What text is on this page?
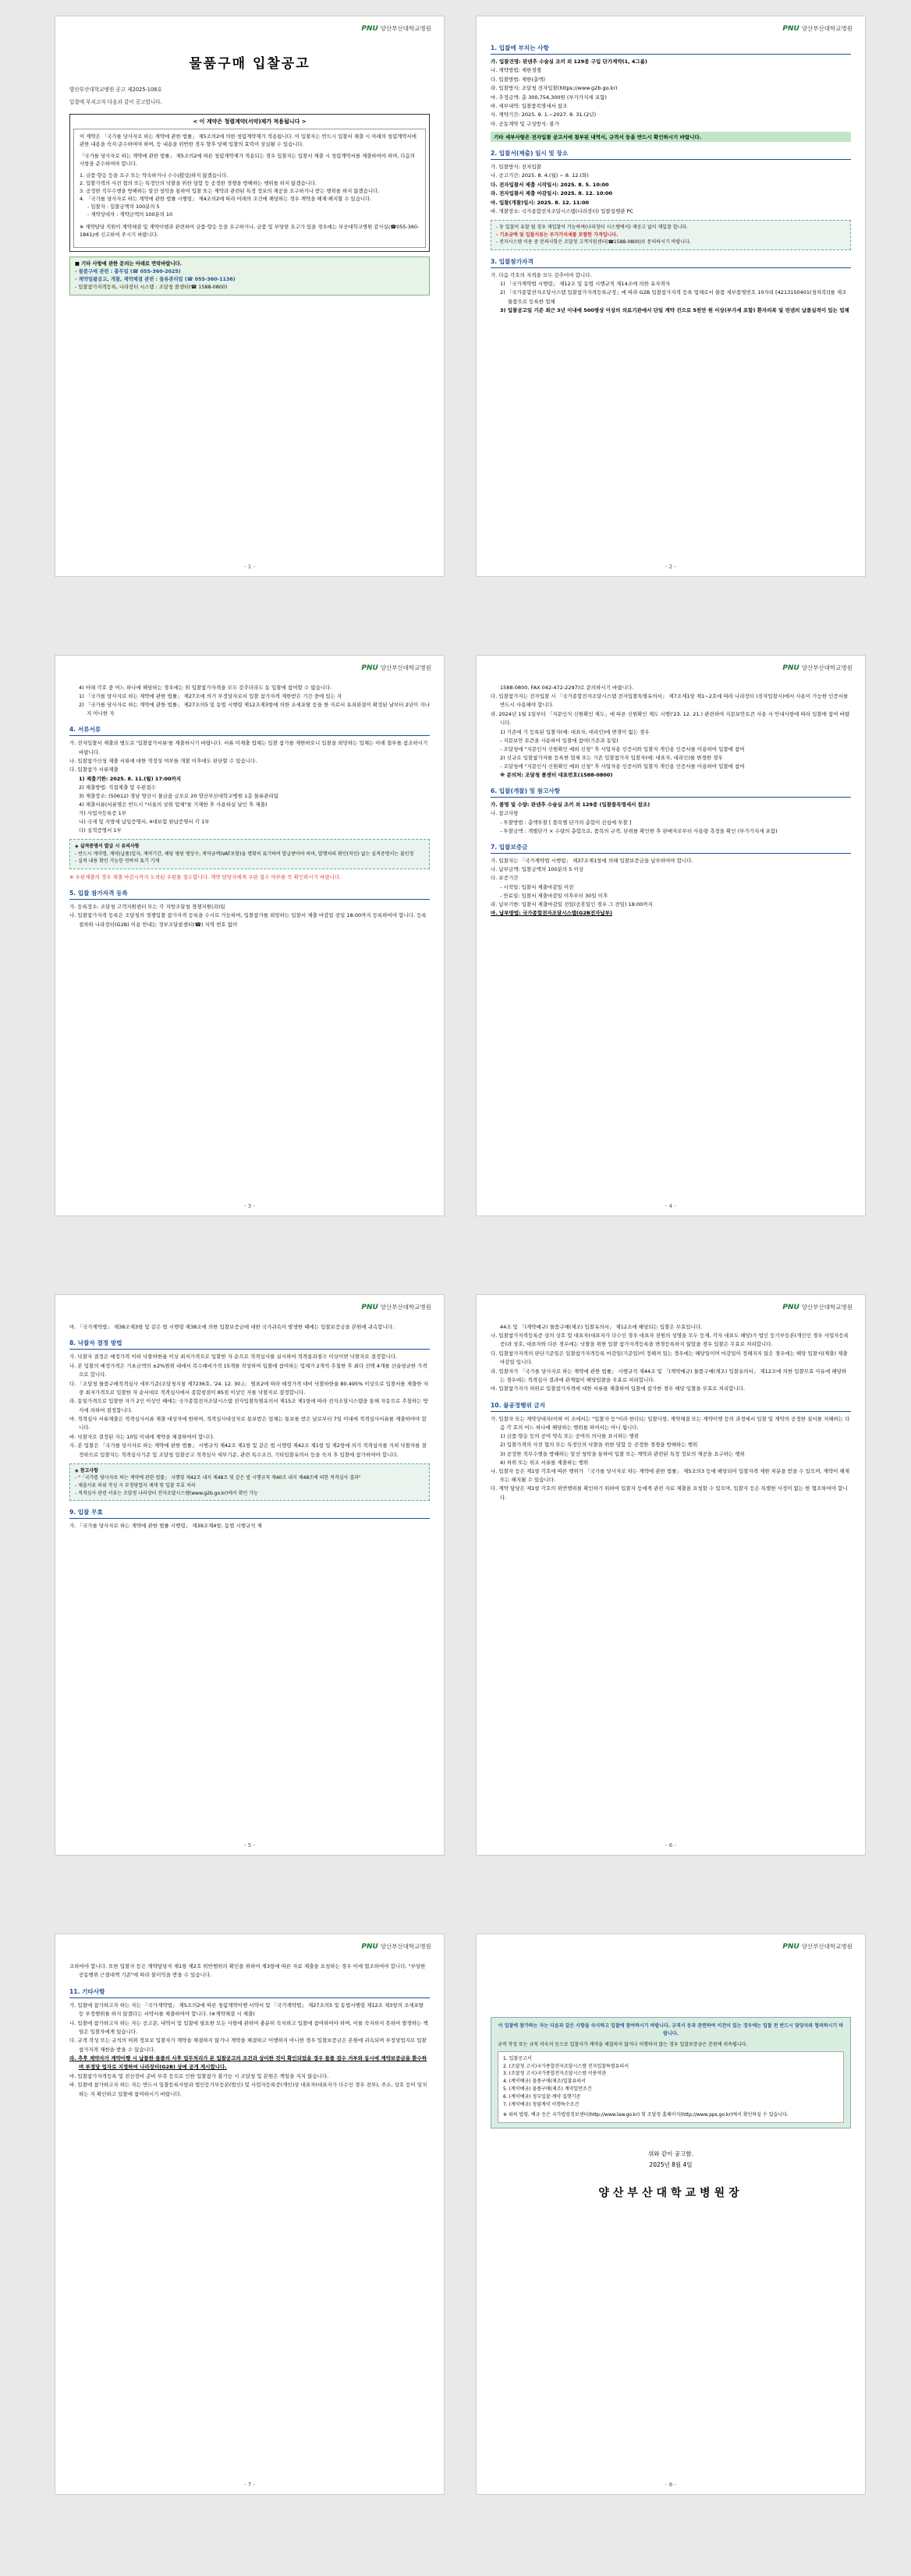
PNU 양산부산대학교병원
물품구매 입찰공고
양산부산대학교병원 공고 제2025-108호
입찰에 부치고자 다음과 같이 공고합니다.
< 이 계약은 청렴계약(서약)제가 적용됩니다 >

이 계약은 「국가를 당사자로 하는 계약에 관한 법률」 제5조의2에 의한 청렴계약제가 적용됩니다. 이 입찰자는 반드시 입찰서 제출 시 아래의 청렴계약서에 관한 내용을 숙지·준수하여야 하며, 등 내용을 위반한 경우 향후 당해 입찰의 효력이 상실될 수 있습니다.

「국가를 당사자로 하는 계약에 관한 법률」 제5조의2에 따른 청렴계약제가 적용되는 경우 입찰자는 입찰서 제출 시 청렴계약서를 제출하여야 하며, 다음의 사항을 준수하여야 합니다.

1. 금품·향응 등을 요구 또는 약속하거나 수수(授受)하지 않겠습니다.
2. 입찰가격의 사전 협의 또는 특정인의 낙찰을 위한 담합 등 공정한 경쟁을 방해하는 행위를 하지 않겠습니다.
3. 공정한 직무수행을 방해하는 알선·청탁을 통하여 입찰 또는 계약과 관련된 특정 정보의 제공을 요구하거나 받는 행위를 하지 않겠습니다.
4. 「국가를 당사자로 하는 계약에 관한 법률 시행령」 제4조의2에 따라 아래의 조건에 해당하는 경우 계약을 해제·해지할 수 있습니다.
- 입찰자 : 입찰금액의 100분의 5
- 계약상대자 : 계약금액의 100분의 10

※ 계약담당 직원이 계약체결 및 계약이행과 관련하여 금품·향응 등을 요구하거나, 금품 및 부당한 요구가 있을 경우에는 부산대학교병원 감사실(☎055-360-1841)에 신고하여 주시기 바랍니다.

■ 기타 사항에 관한 문의는 아래로 연락바랍니다.
- 물품구매 관련 : 총무팀 (☎ 055-360-2025)
- 계약일괄공고, 개찰, 계약체결 관련 : 물류관리팀 (☎ 055-360-1136)
- 입찰참가자격등록, 나라장터 시스템 : 조달청 콜센터(☎ 1588-0800)
- 1 -
PNU 양산부산대학교병원
1. 입찰에 부치는 사항
가. 입찰건명: 판넨추 수술실 조끼 외 129종 구입 단가계약(1, 4그룹)
나. 계약방법: 제한경쟁
다. 입찰방법: 제한(총액)
라. 입찰방식: 조달청 전자입찰(https://www.g2b.go.kr)
마. 추정금액: 총 300,754,300원 (부가가치세 포함)
바. 세부내역: 입찰품목명세서 참조
사. 계약기간: 2025. 9. 1.~2027. 8. 31.(2년)
아. 공동계약 및 구성방식: 불가
기타 세부사항은 전자입찰 공고서에 첨부된 내역서, 규격서 등을 반드시 확인하시기 바랍니다.
2. 입찰서(제출) 일시 및 장소
가. 입찰방식: 전자입찰
나. 공고기간: 2025. 8. 4.(월) ~ 8. 12.(화)
다. 전자입찰서 제출 시작일시: 2025. 8. 5. 10:00
라. 전자입찰서 제출 마감일시: 2025. 8. 12. 10:00
마. 입찰(개찰)일시: 2025. 8. 12. 11:00
바. 개찰장소: 국가종합전자조달시스템(나라장터) 입찰집행관 PC
- 동 입찰이 유찰 될 경우 재입찰이 가능하며(나라장터 시스템에서) 재공고 없이 재입찰 합니다.
- 기초금액 및 입찰서류는 부가가치세를 포함한 가격입니다.
- 전자시스템 이용 중 문의사항은 조달청 고객지원센터(☎1588-0800)로 문의하시기 바랍니다.
3. 입찰참가자격
가. 다음 각호의 자격을 모두 갖추어야 합니다.
1) 「국가계약법 시행령」 제12조 및 동법 시행규칙 제14조에 의한 유자격자
2) 「국가종합전자조달시스템 입찰참가자격등록규정」에 따라 G2B 입찰참가자격 등록 업체로서 물품 세부품명번호 10자리 [4213150401(청차복)]를 제조물품으로 등록한 업체
3) 입찰공고일 기준 최근 3년 이내에 500병상 이상의 의료기관에서 단일 계약 건으로 5천만 원 이상(부가세 포함) 환자의복 및 린넨의 납품실적이 있는 업체
- 2 -
PNU 양산부산대학교병원
4) 아래 각호 중 어느 하나에 해당하는 경우에는 위 입찰참가자격을 모두 갖추더라도 동 입찰에 참여할 수 없습니다.
1) 「국가를 당사자로 하는 계약에 관한 법률」 제27조에 의거 부정당자로서 입찰 참가자격 제한받은 기간 중에 있는 자
2) 「국가를 당사자로 하는 계약에 관한 법률」 제27조의5 및 동법 시행령 제12조제3항에 의한 조세포탈 등을 한 자로서 유죄판결이 확정된 날부터 2년이 지나지 아니한 자
4. 서류서류
가. 전자입찰서 제출과 별도로 '입찰참가서류'를 제출하시기 바랍니다. 서류 미제출 업체는 입찰 참가를 제한하오니 입찰을 희망하는 업체는 아래 첨부를 참조하시기 바랍니다.
나. 입찰참가신청 제출 서류에 대한 적정성 여부를 개찰 이후에도 판단할 수 있습니다.
다. 입찰참가 서류제출
1) 제출기한: 2025. 8. 11.(월) 17:00까지
2) 제출방법: 직접제출 및 우편접수
3) 제출장소: (50612) 경남 양산시 물금읍 금오로 20 양산부산대학교병원 1층 물류관리팀
4) 제출서류(서류명은 반드시 "서울의 상위 업체"를 기재한 후 사용하실 날인 후 제출)
가) 사업자등록증 1부
나) 국세 및 지방세 납입증명서, 4대보험 완납증명서 각 1부
다) 실적증명서 1부
◈ 실적증명서 발급 시 유의사항
- 반드시 계약명, 계약(납품)일자, 계약기간, 해당 병원 병상수, 계약금액(VAT포함)을 명확히 표기하여 발급받아야 하며, 발행처의 확인(직인) 없는 실적증명서는 불인정
- 실적 내용 확인 가능한 연락처 표기 기재
※ 우편제출의 경우 제출 마감시까지 도착된 우편물 접수합니다. 계약 담당자에게 우편 접수 여부를 꼭 확인하시기 바랍니다.
5. 입찰 참가자격 등록
가. 등록장소: 조달청 고객지원센터 또는 각 지방조달청 경쟁지원(과)팀
나. 입찰참가자격 등록은 조달청의 경쟁입찰 참가자격 등록을 수시로 가능하며, 입찰참가를 희망하는 입찰서 제출 마감일 전일 18:00까지 등록하여야 합니다. 등록절차와 나라장터(G2B) 이용 안내는 정부조달콜센터(☎) 지역 번호 없이
- 3 -
PNU 양산부산대학교병원
1588-0800, FAX 042-472-2297)로 문의하시기 바랍니다.
다. 입찰참가자는 전자입찰 시 「국가종합전자조달시스템 전자입찰특별유의서」 제7조제1항 제1~2호에 따라 나라장터 (전자입찰시)에서 사용이 가능한 인증서를 반드시 사용해야 합니다.
라. 2024년 1월 1일부터 「지문인식 신원확인 제도」에 따른 신원확인 제도 시행('23. 12. 21.) 관련하여 지문보안토큰 사용 시 안내사항에 따라 입찰에 참여 바랍니다.
1) 기존에 기 등록된 입찰자(예: 대표자, 대리인)에 변경이 없는 경우
- 지문보안 토큰을 사용하여 입찰에 참여(기존과 동일)
- 조달청에 "지문인식 신원확인 예외 신청" 후 사업자용 인증서와 입찰자 개인용 인증서를 이용하여 입찰에 참여
2) 신규로 입찰참가자를 등록한 업체 또는 기존 입찰참가자 입찰자(예: 대표자, 대리인)를 변경한 경우
- 조달청에 "지문인식 신원확인 예외 신청" 후 사업자용 인증서와 입찰자 개인용 인증서를 이용하여 입찰에 참여
※ 문의처: 조달청 콜센터 대표번호(1588-0800)
6. 입찰(개찰) 및 참고사항
가. 품명 및 수량: 판넨추 수술실 조끼 외 129종 (입찰품목명세서 참조)
나. 참고사항
- 투찰방법 : 총액투찰 [ 품목별 단가의 총합이 산심에 투찰 ]
- 투찰금액 : 개별단가 × 수량의 총합으로, 품목의 규격, 단위를 확인한 후 판매자로부터 사용량 측정을 확인 (부가가치세 포함)
7. 입찰보증금
가. 입찰자는 「국가계약법 시행령」 제37조제1항에 의해 입찰보증금을 납부하여야 합니다.
나. 납부금액: 입찰금액의 100분의 5 이상
다. 보증기간
- 시작일: 입찰서 제출마감일 이전
- 만료일: 입찰서 제출마감일 이후부터 30일 이후
라. 납부기한: 입찰서 제출마감일 전일(공휴일인 경우 그 전일) 18:00까지
마. 납부방법: 국가종합전자조달시스템(G2B전자납부)
- 4 -
PNU 양산부산대학교병원
마. 「국가계약법」 제38조제3항 및 같은 법 시행령 제38조에 의한 입찰보증금에 대한 국가귀속이 발생한 때에는 입찰보증금을 본원에 귀속합니다.
8. 낙찰자 결정 방법
가. 낙찰자 결정은 예정가격 이하 낙찰하한율 이상 최저가격으로 입찰한 자 순으로 적격심사를 실시하여 적격통과점수 이상이면 낙찰자로 결정합니다.
나. 본 입찰의 예정가격은 기초금액의 ±2%범위 내에서 복수예비가격 15개를 작성하여 입찰에 참여하는 업체가 2개씩 추첨한 후 최다 선택 4개를 산술평균한 가격으로 합니다.
다. 「조달청 물품구매적격심사 세부기준(조달청지침 제7236호, '24. 12. 30.)」 별표2에 따라 예정가격 대비 낙찰하한율 80.495% 이상으로 입찰서를 제출한 자 중 최저가격으로 입찰한 자 순서대로 적격심사에서 종합평점이 85점 이상인 자를 낙찰자로 결정합니다.
라. 동일가격으로 입찰한 자가 2인 이상인 때에는 국가종합전자조달시스템 전자입찰특별유의서 제15조 제1항에 따라 전자조달시스템을 통해 자동으로 추첨하는 방식에 의하여 결정합니다.
마. 적격심사 서류제출은 적격심사서류 제출 대상자에 한하며, 적격심사대상자로 통보받은 업체는 통보를 받은 날로부터 7일 이내에 적격심사서류를 제출하여야 합니다.
바. 낙찰자로 결정된 자는 10일 이내에 계약을 체결하여야 합니다.
사. 본 입찰은 「국가를 당사자로 하는 계약에 관한 법률」 시행규칙 제42조 제1항 및 같은 법 시행령 제42조 제1항 및 제2항에 의거 적격심사를 거쳐 낙찰자를 결정하므로 입찰자는 적격심사기준 및 조달청 입찰공고 적격심사 세부기준, 관련 특수조건, 기타입찰유의서 등을 숙지 후 입찰에 참가하여야 합니다.
◈ 참고사항
- "「국가를 당사자로 하는 계약에 관한 법률」 시행령 제42조 내지 제48조 및 같은 법 시행규칙 제40조 내지 제48조에 의한 적격심사 결과"
- 제출서류 허위 작성 시 부정당업자 제재 및 입찰 무효 처리
- 적격심사 관련 서류는 조달청 나라장터 전자조달시스템(www.g2b.go.kr)에서 확인 가능
9. 입찰 무효
가. 「국가를 당사자로 하는 계약에 관한 법률 시행령」 제39조제4항, 동법 시행규칙 제
- 5 -
PNU 양산부산대학교병원
44조 및 「(계약예규) 물품구매(제조) 입찰유의서」 제12조에 해당되는 입찰은 무효입니다.
나. 입찰참가자격등록증 상의 상호 및 대표자(대표자가 다수인 경우 대표자 전원의 성명을 모두 등재, 각자 대표도 해당)가 법인 등기부등본(개인인 경우 사업자등록증)과 상호, 대표자와 다른 경우에는 낙찰을 위한 입찰 참가자격등록을 변경등록하지 않았을 경우 입찰은 무효로 처리합니다.
다. 입찰참가자격의 판단기준일은 입찰참가자격등록 마감일(기준일)이 정해져 있는 경우에는 해당일이며 마감일이 정해지지 않은 경우에는 해당 입찰서(제출) 제출마감일 입니다.
라. 입찰자가 「국가를 당사자로 하는 계약에 관한 법률」 시행규칙 제44조 및 「(계약예규) 물품구매(제조) 입찰유의서」 제12조에 의한 입찰무효 사유에 해당하는 경우에는 적격심사 결과에 관계없이 해당입찰을 무효로 처리합니다.
마. 입찰참가자가 허위로 입찰참가자격에 대한 서류를 제출하여 입찰에 참가한 경우 해당 입찰을 무효로 처리합니다.
10. 물공정행위 금지
가. 입찰자 또는 계약상대자(이하 이 조에서는 "입찰자 등"이라 한다)는 입찰사항, 계약체결 또는 계약이행 등의 과정에서 입찰 및 계약의 공정한 질서를 저해하는 다음 각 호의 어느 하나에 해당하는 행위를 하여서는 아니 됩니다.
1) 금품·향응 등의 공여 약속 또는 공여의 의사를 표시하는 행위
2) 입찰가격의 사전 협의 또는 특정인의 낙찰을 위한 담합 등 공정한 경쟁을 방해하는 행위
3) 공정한 직무수행을 방해하는 알선·청탁을 통하여 입찰 또는 계약과 관련된 특정 정보의 제공을 요구하는 행위
4) 허위 또는 위조 서류를 제출하는 행위
나. 입찰자 등은 제1항 각호에 따른 행위가 「국가를 당사자로 하는 계약에 관한 법률」 제5조의3 등에 해당되어 입찰자격 제한 처분을 받을 수 있으며, 계약이 해제 또는 해지될 수 있습니다.
다. 계약 담당은 제1항 각호의 위반행위를 확인하기 위하여 입찰자 등에게 관련 자료 제출을 요청할 수 있으며, 입찰자 등은 특별한 사정이 없는 한 협조하여야 합니다.
- 6 -
PNU 양산부산대학교병원
조하여야 합니다. 또한 입찰자 등은 계약담당자 제1항 제2호 위반행위의 확인을 위하여 제3항에 따른 자료 제출을 요청하는 경우 이에 협조하여야 합니다. "부당한 공동행위 근절대책 기준"에 따라 불이익을 받을 수 있습니다.
11. 기타사항
가. 입찰에 참가하고자 하는 자는 「국가계약법」 제5조의2에 따른 청렴계약이행 서약서 및 「국가계약법」 제27조의5 및 동법시행령 제12조 제3항의 조세포탈 등 부정행위를 하지 않겠다는 서약서를 제출하여야 합니다. (※계약체결 시 제출)
나. 입찰에 참가하고자 하는 자는 공고문, 내역서 및 입찰에 필요한 모든 사항에 관하여 충분히 숙지하고 입찰에 참여하여야 하며, 이를 숙지하지 못하여 발생하는 책임은 입찰자에게 있습니다.
다. 규격 작성 또는 규칙의 허위 정보로 입찰자가 계약을 체결하지 않거나 계약을 체결하고 이행하지 아니한 경우 입찰보증금은 본원에 귀속되며 부정당업자로 입찰참가자격 제한을 받을 수 있습니다.
라. 추후 계약자가 계약이행 시 납품한 물품의 사후 업무처리가 본 입찰공고의 조건과 상이한 것이 확인되었을 경우 물품 검수 거부와 동시에 계약보증금을 환수하며 부정당 업자로 지정하여 나라장터(G2B) 상에 공개 게시합니다.
마. 입찰참가자격등록 및 전산장비 준비 부족 등으로 인한 입찰참가 불가능 시 조달청 및 본원은 책임을 지지 않습니다.
바. 입찰에 참가하고자 하는 자는 반드시 입찰등록사항과 법인등기부등본(법인) 및 사업자등록증(개인)상 대표자(대표자가 다수인 경우 전부), 주소, 상호 등이 일치하는 지 확인하고 입찰에 참여하시기 바랍니다.
- 7 -
PNU 양산부산대학교병원
이 입찰에 참가하는 자는 다음과 같은 사항을 숙지하고 입찰에 참여하시기 바랍니다. 규격서 등과 관련하여 이견이 있는 경우에는 입찰 전 반드시 담당자와 협의하시기 바랍니다.
규격 작성 또는 규칙 미숙지 등으로 입찰자가 계약을 체결하지 않거나 이행하지 않는 경우 입찰보증금은 본원에 귀속됩니다.
1. 입찰공고서
2. (조달청 고시)국가종합전자조달시스템 전자입찰특별유의서
3. (조달청 고시)국가종합전자조달시스템 이용약관
4. (계약예규) 물품구매(제조)입찰유의서
5. (계약예규) 물품구매(제조) 계약일반조건
6. (계약예규) 정부입찰·계약 집행기준
7. (계약예규) 청렴계약 이행특수조건
※ 위의 법령, 예규 등은 국가법령정보센터(http://www.law.go.kr) 및 조달청 홈페이지(http://www.pps.go.kr)에서 확인하실 수 있습니다.
위와 같이 공고함.
2025년 8월 4일
양산부산대학교병원장
- 8 -
